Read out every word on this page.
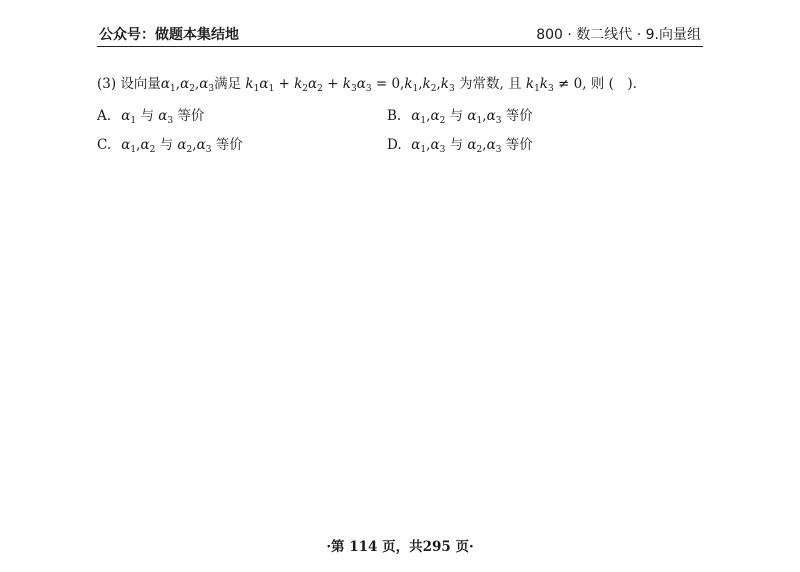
公众号：做题本集结地	800 · 数二线代 · 9.向量组
(3) 设向量$\alpha_1,\alpha_2,\alpha_3$满足 $k_1\alpha_1 + k_2\alpha_2 + k_3\alpha_3 = 0,k_1,k_2,k_3$ 为常数, 且 $k_1k_3 \ne 0$, 则 (　).
A. $\alpha_1$ 与 $\alpha_3$ 等价	B. $\alpha_1,\alpha_2$ 与 $\alpha_1,\alpha_3$ 等价
C. $\alpha_1,\alpha_2$ 与 $\alpha_2,\alpha_3$ 等价	D. $\alpha_1,\alpha_3$ 与 $\alpha_2,\alpha_3$ 等价
·第 114 页，共295 页·
